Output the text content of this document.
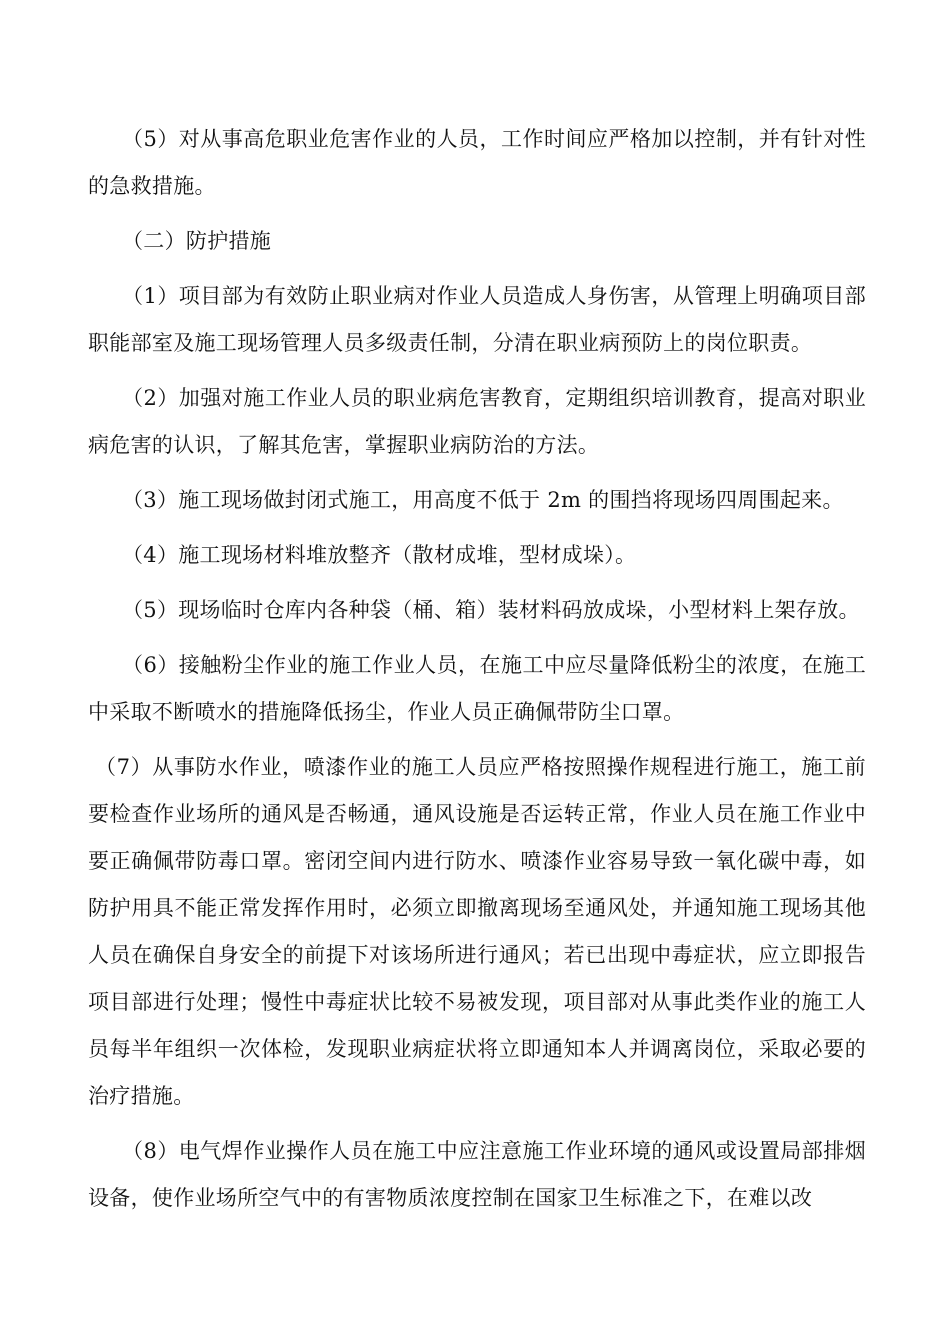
（5）对从事高危职业危害作业的人员，工作时间应严格加以控制，并有针对性的急救措施。

（二）防护措施

（1）项目部为有效防止职业病对作业人员造成人身伤害，从管理上明确项目部职能部室及施工现场管理人员多级责任制，分清在职业病预防上的岗位职责。

（2）加强对施工作业人员的职业病危害教育，定期组织培训教育，提高对职业病危害的认识，了解其危害，掌握职业病防治的方法。

（3）施工现场做封闭式施工，用高度不低于 2m 的围挡将现场四周围起来。

（4）施工现场材料堆放整齐（散材成堆，型材成垛）。

（5）现场临时仓库内各种袋（桶、箱）装材料码放成垛，小型材料上架存放。

（6）接触粉尘作业的施工作业人员，在施工中应尽量降低粉尘的浓度，在施工中采取不断喷水的措施降低扬尘，作业人员正确佩带防尘口罩。

（7）从事防水作业，喷漆作业的施工人员应严格按照操作规程进行施工，施工前要检查作业场所的通风是否畅通，通风设施是否运转正常，作业人员在施工作业中要正确佩带防毒口罩。密闭空间内进行防水、喷漆作业容易导致一氧化碳中毒，如防护用具不能正常发挥作用时，必须立即撤离现场至通风处，并通知施工现场其他人员在确保自身安全的前提下对该场所进行通风；若已出现中毒症状，应立即报告项目部进行处理；慢性中毒症状比较不易被发现，项目部对从事此类作业的施工人员每半年组织一次体检，发现职业病症状将立即通知本人并调离岗位，采取必要的治疗措施。

（8）电气焊作业操作人员在施工中应注意施工作业环境的通风或设置局部排烟设备，使作业场所空气中的有害物质浓度控制在国家卫生标准之下，在难以改
